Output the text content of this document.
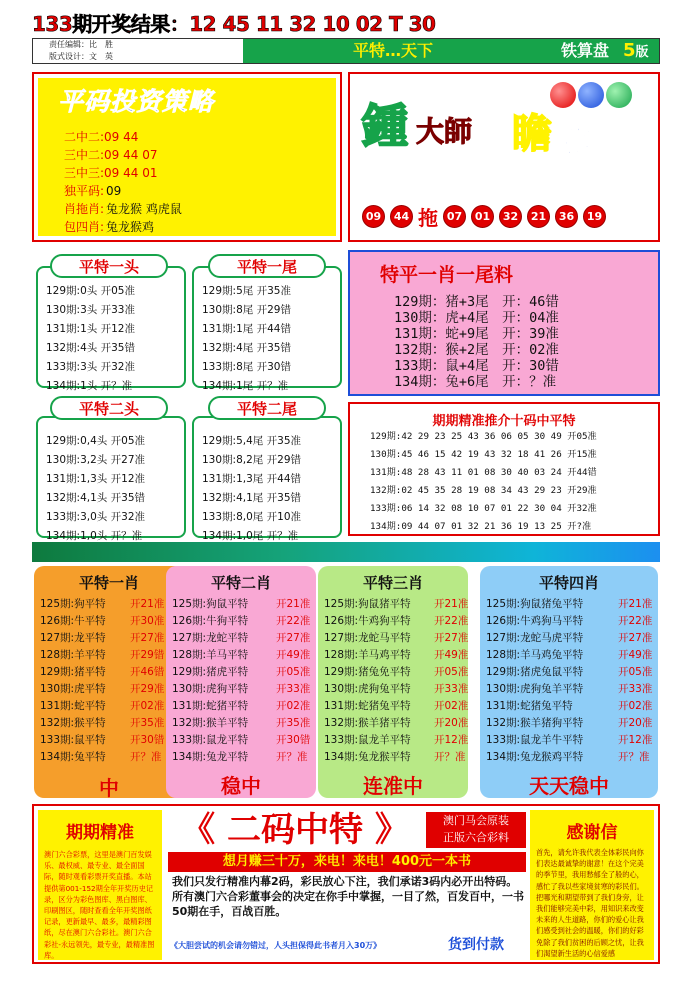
133期开奖结果：12 45 11 32 10 02 T 30
责任编辑：比　胜
版式设计：文　英	平特…天下	铁算盘 5版
平码投资策略
二中二:09 44
三中二:09 44 07
三中三:09 44 01
独平码: 09
肖拖肖: 兔龙猴 鸡虎鼠
包四肖: 兔龙猴鸡
鍾 大師 瞻 拖脚
09	44 拖 07	01	32	21	36	19
129期:0头 开05准
130期:3头 开33准
131期:1头 开12准
132期:4头 开35错
133期:3头 开32准
134期:1头 开？准
平特一头
129期:5尾 开35准
130期:8尾 开29错
131期:1尾 开44错
132期:4尾 开35错
133期:8尾 开30错
134期:1尾 开？准
平特一尾
129期:0,4头 开05准
130期:3,2头 开27准
131期:1,3头 开12准
132期:4,1头 开35错
133期:3,0头 开32准
134期:1,0头 开？准
平特二头
129期:5,4尾 开35准
130期:8,2尾 开29错
131期:1,3尾 开44错
132期:4,1尾 开35错
133期:8,0尾 开10准
134期:1,0尾 开？准
平特二尾
特平一肖一尾料
129期：猪+3尾　开：46错
130期：虎+4尾　开：04准
131期：蛇+9尾　开：39准
132期：猴+2尾　开：02准
133期：鼠+4尾　开：30错
134期：兔+6尾　开：？准
期期精准推介十码中平特
129期:42 29 23 25 43 36 06 05 30 49 开05准
130期:45 46 15 42 19 43 32 18 41 26 开15准
131期:48 28 43 11 01 08 30 40 03 24 开44错
132期:02 45 35 28 19 08 34 43 29 23 开29准
133期:06 14 32 08 10 07 01 22 30 04 开32准
134期:09 44 07 01 32 21 36 19 13 25 开?准
平特一肖
125期:狗平特 开21准
126期:牛平特 开30准
127期:龙平特 开27准
128期:羊平特 开29错
129期:猪平特 开46错
130期:虎平特 开29准
131期:蛇平特 开02准
132期:猴平特 开35准
133期:鼠平特 开30错
134期:兔平特 开？准
中
平特二肖
125期:狗鼠平特	开21准
126期:牛狗平特	开22准
127期:龙蛇平特	开27准
128期:羊马平特	开49准
129期:猪虎平特	开05准
130期:虎狗平特	开33准
131期:蛇猪平特	开02准
132期:猴羊平特	开35准
133期:鼠龙平特	开30错
134期:兔龙平特	开？准
稳中
平特三肖
125期:狗鼠猪平特 开21准
126期:牛鸡狗平特 开22准
127期:龙蛇马平特 开27准
128期:羊马鸡平特 开49准
129期:猪兔免平特 开05准
130期:虎狗兔平特 开33准
131期:蛇猪兔平特 开02准
132期:猴羊猪平特 开20准
133期:鼠龙羊平特 开12准
134期:兔龙猴平特 开？准
连准中
平特四肖
125期:狗鼠猪兔平特	开21准
126期:牛鸡狗马平特	开22准
127期:龙蛇马虎平特	开27准
128期:羊马鸡兔平特	开49准
129期:猪虎兔鼠平特	开05准
130期:虎狗兔羊平特	开33准
131期:蛇猪兔平特	开02准
132期:猴羊猪狗平特	开20准
133期:鼠龙羊牛平特	开12准
134期:兔龙猴鸡平特	开？准
天天稳中
期期精准
澳门六合彩票，这里是澳门百发娱乐、最权威、最专业、最全面国际，随时观看彩票开奖直播。本站提供第001-152期全年开奖历史记录，区分为彩色图库、黑白图库、印刷图区，随时查看全年开奖图纸记录，更新最早、最多，最精彩图纸，尽在澳门六合彩社。澳门六合彩社-永远领先，最专业，最精准图库。
《 二码中特 》	澳门马会原装
正版六合彩料
想月赚三十万，来电！来电！400元一本书
我们只发行精准内幕2码，彩民放心下注，我们承诺3码内必开出特码。所有澳门六合彩董事会的决定在你手中掌握，一目了然，百发百中，一书50期在手，百战百胜。
《大胆尝试的机会请勿错过，人头担保得此书者月入30万》	货到付款
感谢信
首先，请允许我代表全体彩民向你们表达最诚挚的谢意！在这个完美的季节里，我用愁郁全了般的心，感忙了我以些家境贫寒的彩民们。把哪光和期望带到了我们身旁，让我们能够完美中彩，用知识来改变未来的人生道路，你们的爱心让我们感受到社会的温暖，你们的好彩免除了我们贫困的后顾之忧，让我们渴望新生活的心信爱感
